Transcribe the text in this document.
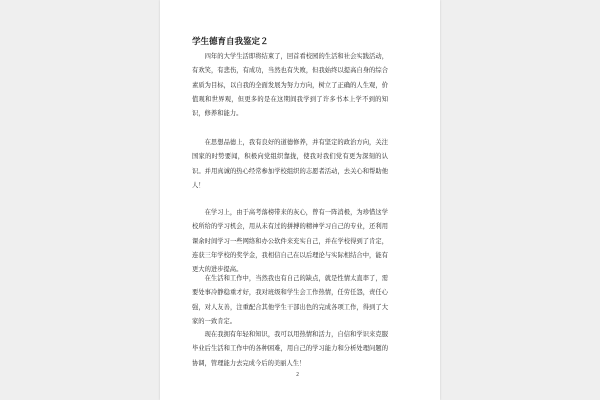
学生德育自我鉴定２

四年的大学生活即将结束了，回首看校园的生活和社会实践活动，有欢笑，有悲伤，有成功，当然也有失败，但我始终以提高自身的综合素质为目标，以自我的全面发展为努力方向，树立了正确的人生观，价值观和世界观，但更多的是在这期间我学到了许多书本上学不到的知识，修养和能力。

在思想品德上，我有良好的道德修养，并有坚定的政治方向，关注国家的时势要闻，积极向党组织靠拢，使我对我们党有更为深刻的认识。并用真诚的热心经常参加学校组织的志愿者活动，去关心和帮助他人！

在学习上，由于高考落榜带来的灰心，曾有一阵消极，为珍惜这学校所给的学习机会，用从未有过的拼搏的精神学习自己的专业，还利用课余时间学习一些网络和办公软件来充实自己，并在学校得到了肯定，连获三年学校的奖学金，我相信自己在以后理论与实际相结合中，能有更大的进步提高。

在生活和工作中，当然我也有自己的缺点，就是性情太直率了，需要处事冷静稳重才好，我对班级和学生会工作热情，任劳任怨，责任心强，对人友善，注重配合其他学生干部出色的完成各项工作，得到了大家的一致肯定。

现在我拥有年轻和知识，我可以用热情和活力，自信和学识来克服毕业后生活和工作中的各种困难，用自己的学习能力和分析处理问题的协调，管理能力去完成今后的美丽人生！

2
